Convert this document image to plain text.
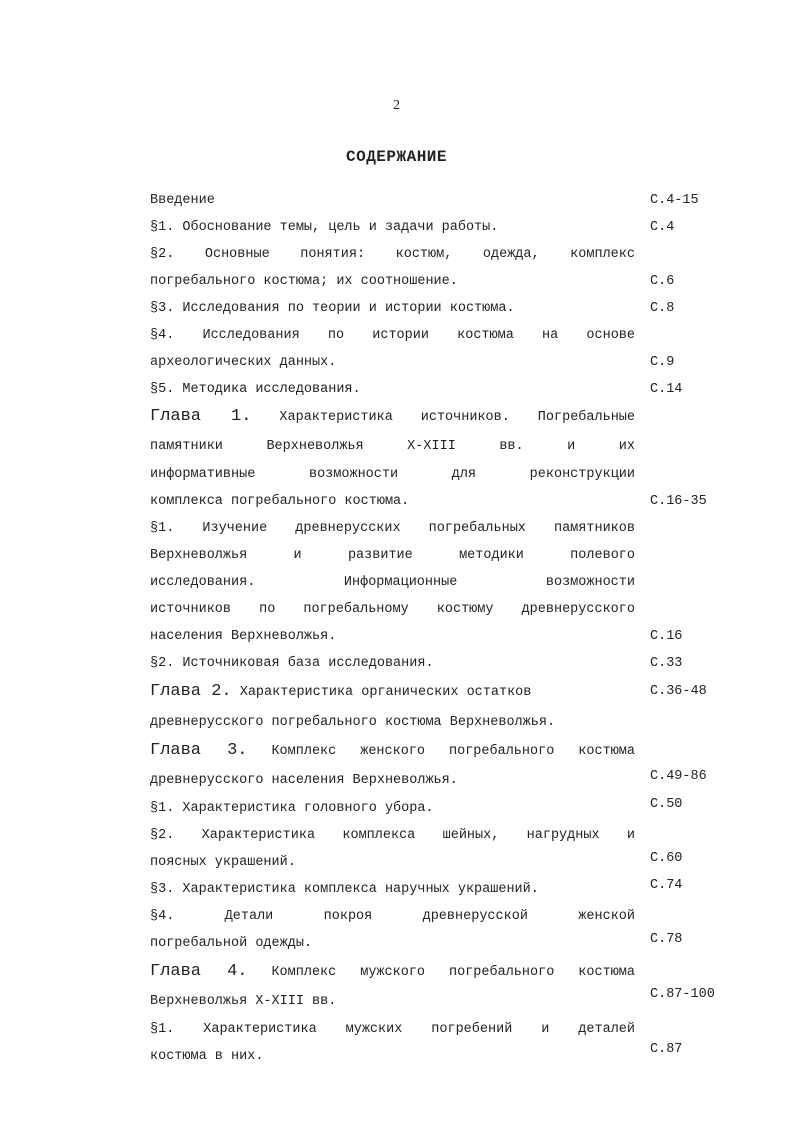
2
СОДЕРЖАНИЕ
Введение	С.4-15
§1. Обоснование темы, цель и задачи работы.	С.4
§2. Основные понятия: костюм, одежда, комплекс
погребального костюма; их соотношение.	С.6
§3. Исследования по теории и истории костюма.	С.8
§4. Исследования по истории костюма на основе
археологических данных.	С.9
§5. Методика исследования.	С.14
Глава 1. Характеристика источников. Погребальные
памятники Верхневолжья X-XIII вв. и их
информативные возможности для реконструкции
комплекса погребального костюма.	С.16-35
§1. Изучение древнерусских погребальных памятников
Верхневолжья и развитие методики полевого
исследования. Информационные возможности
источников по погребальному костюму древнерусского
населения Верхневолжья.	С.16
§2. Источниковая база исследования.	С.33
Глава 2. Характеристика органических остатков	С.36-48
древнерусского погребального костюма Верхневолжья.
Глава 3. Комплекс женского погребального костюма
древнерусского населения Верхневолжья.	С.49-86
§1. Характеристика головного убора.	С.50
§2. Характеристика комплекса шейных, нагрудных и
поясных украшений.	С.60
§3. Характеристика комплекса наручных украшений.	С.74
§4. Детали покроя древнерусской женской
погребальной одежды.	С.78
Глава 4. Комплекс мужского погребального костюма
Верхневолжья X-XIII вв.	С.87-100
§1. Характеристика мужских погребений и деталей
костюма в них.	С.87
